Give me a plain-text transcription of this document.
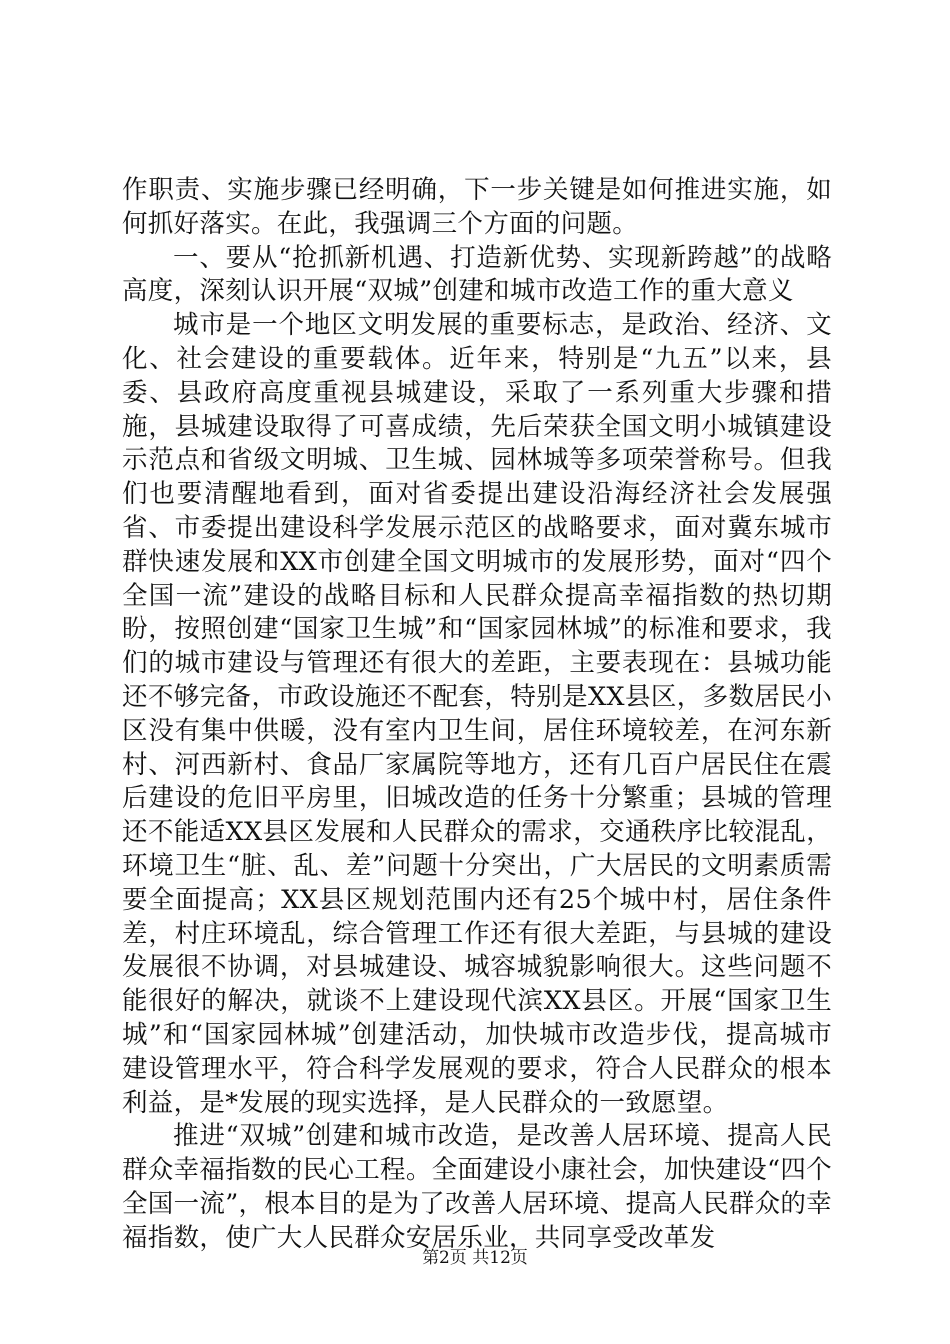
作职责、实施步骤已经明确，下一步关键是如何推进实施，如何抓好落实。在此，我强调三个方面的问题。

一、要从“抢抓新机遇、打造新优势、实现新跨越”的战略高度，深刻认识开展“双城”创建和城市改造工作的重大意义

城市是一个地区文明发展的重要标志，是政治、经济、文化、社会建设的重要载体。近年来，特别是“九五”以来，县委、县政府高度重视县城建设，采取了一系列重大步骤和措施，县城建设取得了可喜成绩，先后荣获全国文明小城镇建设示范点和省级文明城、卫生城、园林城等多项荣誉称号。但我们也要清醒地看到，面对省委提出建设沿海经济社会发展强省、市委提出建设科学发展示范区的战略要求，面对冀东城市群快速发展和XX市创建全国文明城市的发展形势，面对“四个全国一流”建设的战略目标和人民群众提高幸福指数的热切期盼，按照创建“国家卫生城”和“国家园林城”的标准和要求，我们的城市建设与管理还有很大的差距，主要表现在：县城功能还不够完备，市政设施还不配套，特别是XX县区，多数居民小区没有集中供暖，没有室内卫生间，居住环境较差，在河东新村、河西新村、食品厂家属院等地方，还有几百户居民住在震后建设的危旧平房里，旧城改造的任务十分繁重；县城的管理还不能适XX县区发展和人民群众的需求，交通秩序比较混乱，环境卫生“脏、乱、差”问题十分突出，广大居民的文明素质需要全面提高；XX县区规划范围内还有25个城中村，居住条件差，村庄环境乱，综合管理工作还有很大差距，与县城的建设发展很不协调，对县城建设、城容城貌影响很大。这些问题不能很好的解决，就谈不上建设现代滨XX县区。开展“国家卫生城”和“国家园林城”创建活动，加快城市改造步伐，提高城市建设管理水平，符合科学发展观的要求，符合人民群众的根本利益，是*发展的现实选择，是人民群众的一致愿望。

推进“双城”创建和城市改造，是改善人居环境、提高人民群众幸福指数的民心工程。全面建设小康社会，加快建设“四个全国一流”，根本目的是为了改善人居环境、提高人民群众的幸福指数，使广大人民群众安居乐业，共同享受改革发

第2页 共12页
